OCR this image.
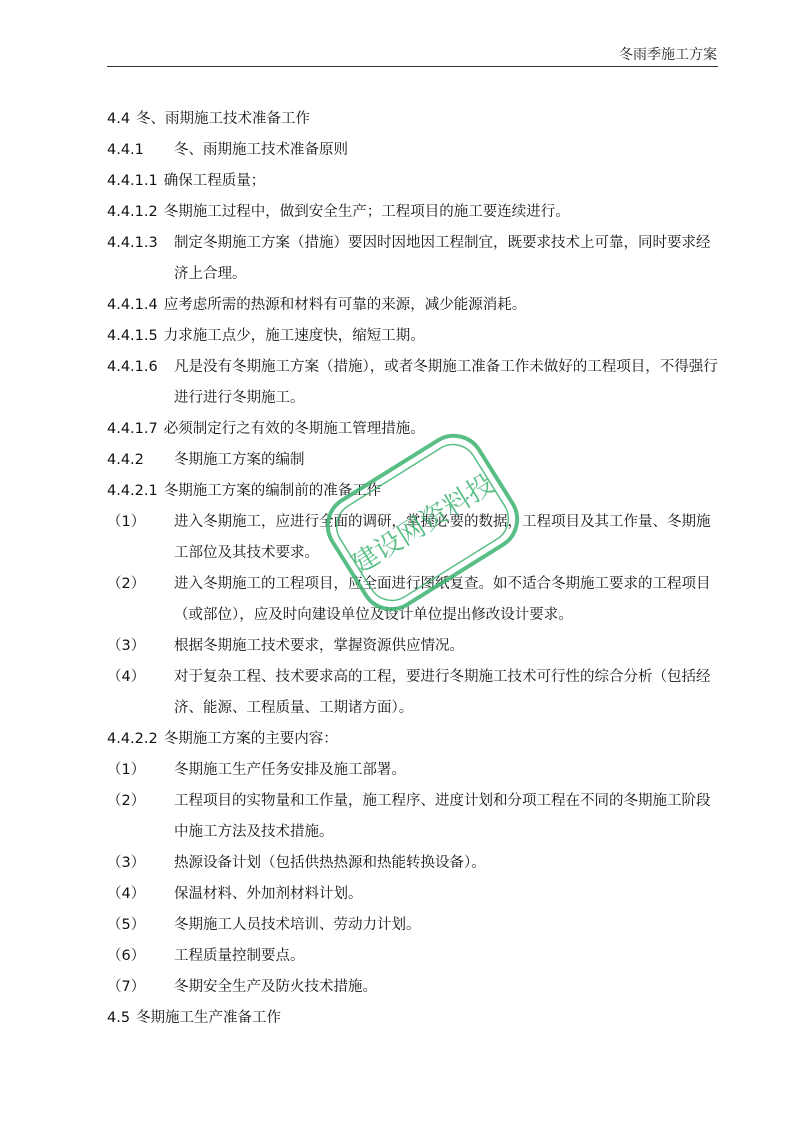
冬雨季施工方案
4.4 冬、雨期施工技术准备工作
4.4.1	冬、雨期施工技术准备原则
4.4.1.1 确保工程质量；
4.4.1.2 冬期施工过程中，做到安全生产；工程项目的施工要连续进行。
4.4.1.3	制定冬期施工方案（措施）要因时因地因工程制宜，既要求技术上可靠，同时要求经济上合理。
4.4.1.4 应考虑所需的热源和材料有可靠的来源，减少能源消耗。
4.4.1.5 力求施工点少，施工速度快，缩短工期。
4.4.1.6	凡是没有冬期施工方案（措施），或者冬期施工准备工作未做好的工程项目，不得强行进行进行冬期施工。
4.4.1.7 必须制定行之有效的冬期施工管理措施。
4.4.2	冬期施工方案的编制
4.4.2.1 冬期施工方案的编制前的准备工作
（1）	进入冬期施工，应进行全面的调研，掌握必要的数据，工程项目及其工作量、冬期施工部位及其技术要求。
（2）	进入冬期施工的工程项目，应全面进行图纸复查。如不适合冬期施工要求的工程项目（或部位），应及时向建设单位及设计单位提出修改设计要求。
（3）	根据冬期施工技术要求，掌握资源供应情况。
（4）	对于复杂工程、技术要求高的工程，要进行冬期施工技术可行性的综合分析（包括经济、能源、工程质量、工期诸方面）。
4.4.2.2 冬期施工方案的主要内容：
（1）	冬期施工生产任务安排及施工部署。
（2）	工程项目的实物量和工作量，施工程序、进度计划和分项工程在不同的冬期施工阶段中施工方法及技术措施。
（3）	热源设备计划（包括供热热源和热能转换设备）。
（4）	保温材料、外加剂材料计划。
（5）	冬期施工人员技术培训、劳动力计划。
（6）	工程质量控制要点。
（7）	冬期安全生产及防火技术措施。
4.5 冬期施工生产准备工作
建设网资料投
